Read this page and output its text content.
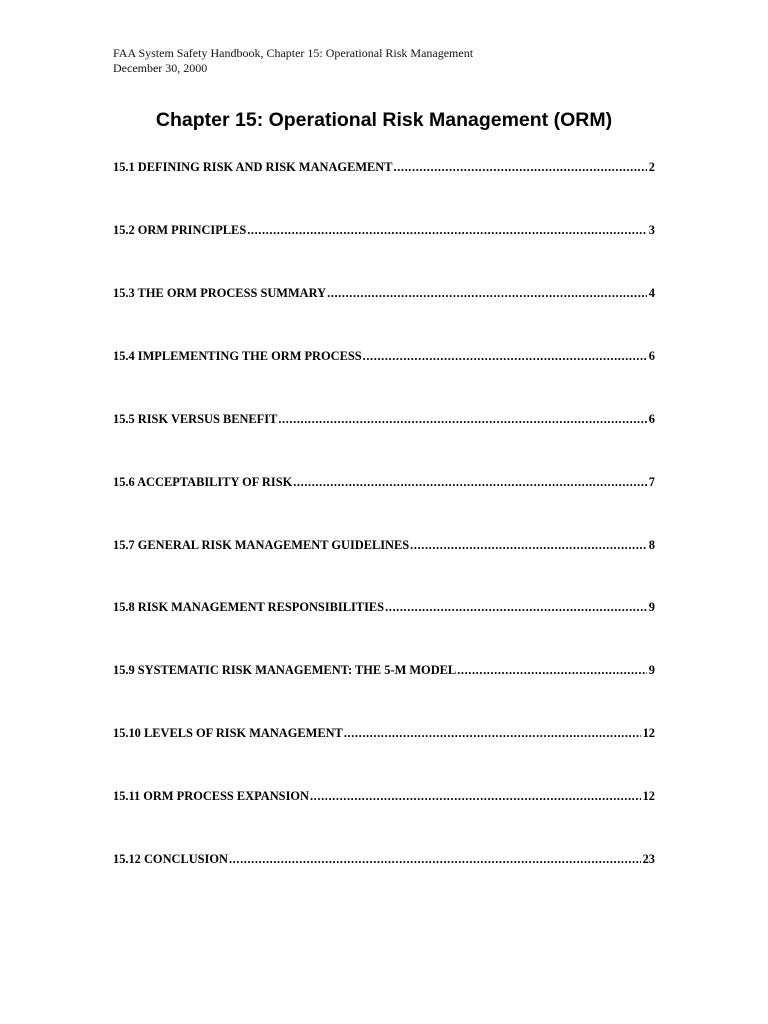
FAA System Safety Handbook, Chapter 15: Operational Risk Management
December 30, 2000
Chapter 15: Operational Risk Management (ORM)
15.1 DEFINING RISK AND RISK MANAGEMENT .....	2
15.2 ORM PRINCIPLES .....	3
15.3 THE ORM PROCESS SUMMARY .....	4
15.4 IMPLEMENTING THE ORM PROCESS .....	6
15.5 RISK VERSUS BENEFIT .....	6
15.6 ACCEPTABILITY OF RISK .....	7
15.7 GENERAL RISK MANAGEMENT GUIDELINES .....	8
15.8 RISK MANAGEMENT RESPONSIBILITIES .....	9
15.9 SYSTEMATIC RISK MANAGEMENT: THE 5-M MODEL .....	9
15.10 LEVELS OF RISK MANAGEMENT .....	12
15.11 ORM PROCESS EXPANSION .....	12
15.12 CONCLUSION .....	23
